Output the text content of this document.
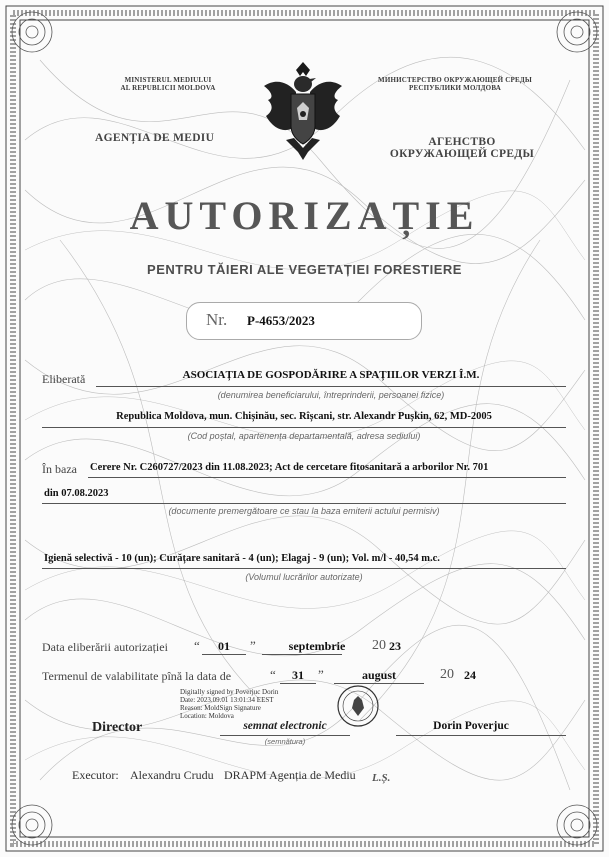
MINISTERUL MEDIULUI
AL REPUBLICII MOLDOVA
МИНИСТЕРСТВО ОКРУЖАЮЩЕЙ СРЕДЫ
РЕСПУБЛИКИ МОЛДОВА
AGENȚIA DE MEDIU	АГЕНСТВО
ОКРУЖАЮЩЕЙ СРЕДЫ
AUTORIZAȚIE
PENTRU TĂIERI ALE VEGETAȚIEI FORESTIERE
Nr. P-4653/2023
Eliberată	ASOCIAȚIA DE GOSPODĂRIRE A SPAȚIILOR VERZI Î.M.
(denumirea beneficiarului, întreprinderii, persoanei fizice)
Republica Moldova, mun. Chișinău, sec. Rîșcani, str. Alexandr Pușkin, 62, MD-2005
(Cod poștal, apartenența departamentală, adresa sediului)
În baza Cerere Nr. C260727/2023 din 11.08.2023; Act de cercetare fitosanitară a arborilor Nr. 701
din 07.08.2023
(documente premergătoare ce stau la baza emiterii actului permisiv)
Igienă selectivă - 10 (un); Curățare sanitară - 4 (un); Elagaj - 9 (un); Vol. m/l - 40,54 m.c.
(Volumul lucrărilor autorizate)
Data eliberării autorizației “	01	”	septembrie	20 23
Termenul de valabilitate pînă la data de	“	31	”	august	20 24
Digitally signed by Poverjuc Dorin
Date: 2023.09.01 13:01:34 EEST
Reason: MoldSign Signature
Location: Moldova
Director	semnat electronic
(semnătura)
Dorin Poverjuc
Executor: Alexandru Crudu DRAPM Agenția de Mediu L.Ș.
